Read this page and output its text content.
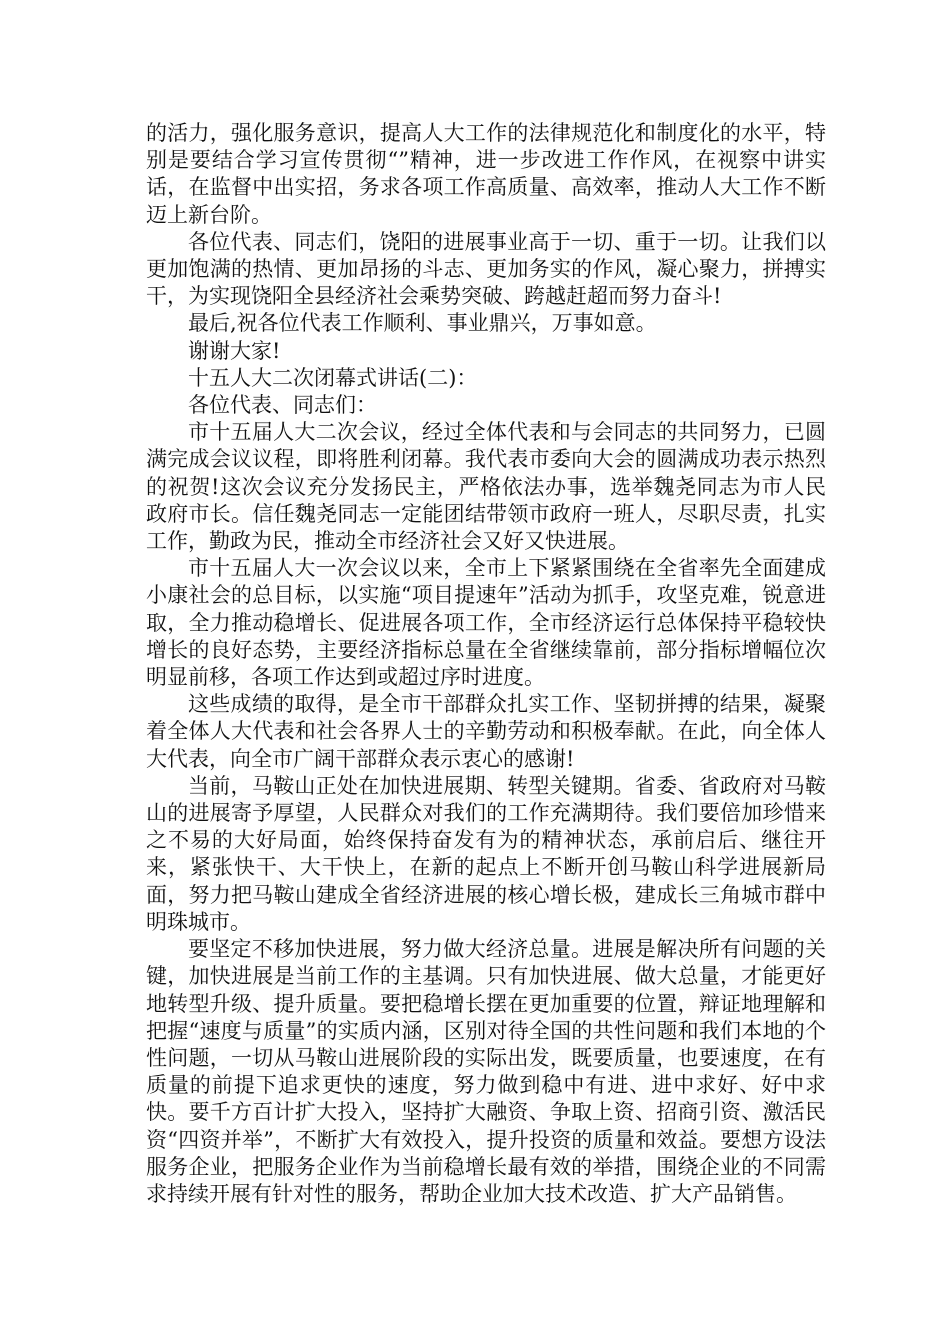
的活力，强化服务意识，提高人大工作的法律规范化和制度化的水平，特别是要结合学习宣传贯彻“”精神，进一步改进工作作风，在视察中讲实话，在监督中出实招，务求各项工作高质量、高效率，推动人大工作不断迈上新台阶。

各位代表、同志们，饶阳的进展事业高于一切、重于一切。让我们以更加饱满的热情、更加昂扬的斗志、更加务实的作风，凝心聚力，拼搏实干，为实现饶阳全县经济社会乘势突破、跨越赶超而努力奋斗!

最后,祝各位代表工作顺利、事业鼎兴，万事如意。

谢谢大家!

十五人大二次闭幕式讲话(二)：

各位代表、同志们：

市十五届人大二次会议，经过全体代表和与会同志的共同努力，已圆满完成会议议程，即将胜利闭幕。我代表市委向大会的圆满成功表示热烈的祝贺!这次会议充分发扬民主，严格依法办事，选举魏尧同志为市人民政府市长。信任魏尧同志一定能团结带领市政府一班人，尽职尽责，扎实工作，勤政为民，推动全市经济社会又好又快进展。

市十五届人大一次会议以来，全市上下紧紧围绕在全省率先全面建成小康社会的总目标，以实施“项目提速年”活动为抓手，攻坚克难，锐意进取，全力推动稳增长、促进展各项工作，全市经济运行总体保持平稳较快增长的良好态势，主要经济指标总量在全省继续靠前，部分指标增幅位次明显前移，各项工作达到或超过序时进度。

这些成绩的取得，是全市干部群众扎实工作、坚韧拼搏的结果，凝聚着全体人大代表和社会各界人士的辛勤劳动和积极奉献。在此，向全体人大代表，向全市广阔干部群众表示衷心的感谢!

当前，马鞍山正处在加快进展期、转型关键期。省委、省政府对马鞍山的进展寄予厚望，人民群众对我们的工作充满期待。我们要倍加珍惜来之不易的大好局面，始终保持奋发有为的精神状态，承前启后、继往开来，紧张快干、大干快上，在新的起点上不断开创马鞍山科学进展新局面，努力把马鞍山建成全省经济进展的核心增长极，建成长三角城市群中明珠城市。

要坚定不移加快进展，努力做大经济总量。进展是解决所有问题的关键，加快进展是当前工作的主基调。只有加快进展、做大总量，才能更好地转型升级、提升质量。要把稳增长摆在更加重要的位置，辩证地理解和把握“速度与质量”的实质内涵，区别对待全国的共性问题和我们本地的个性问题，一切从马鞍山进展阶段的实际出发，既要质量，也要速度，在有质量的前提下追求更快的速度，努力做到稳中有进、进中求好、好中求快。要千方百计扩大投入，坚持扩大融资、争取上资、招商引资、激活民资“四资并举”，不断扩大有效投入，提升投资的质量和效益。要想方设法服务企业，把服务企业作为当前稳增长最有效的举措，围绕企业的不同需求持续开展有针对性的服务，帮助企业加大技术改造、扩大产品销售。
